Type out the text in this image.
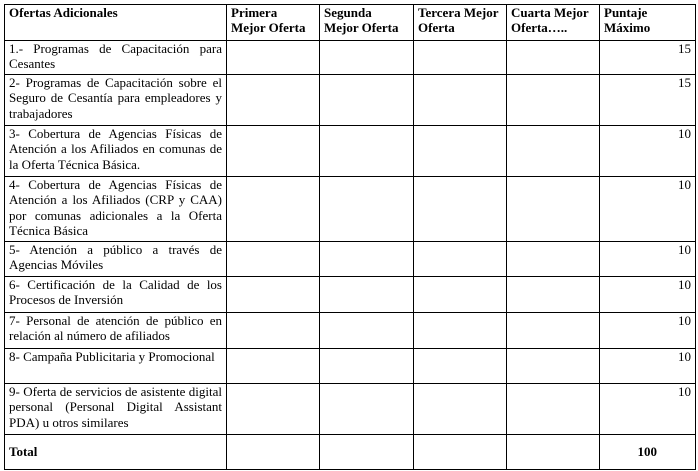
Ofertas Adicionales	Primera Mejor Oferta	Segunda Mejor Oferta	Tercera Mejor Oferta	Cuarta Mejor Oferta…..	Puntaje Máximo
1.- Programas de Capacitación para Cesantes					15
2- Programas de Capacitación sobre el Seguro de Cesantía para empleadores y trabajadores					15
3- Cobertura de Agencias Físicas de Atención a los Afiliados en comunas de la Oferta Técnica Básica.					10
4- Cobertura de Agencias Físicas de Atención a los Afiliados (CRP y CAA) por comunas adicionales a la Oferta Técnica Básica					10
5- Atención a público a través de Agencias Móviles					10
6- Certificación de la Calidad de los Procesos de Inversión					10
7- Personal de atención de público en relación al número de afiliados					10
8- Campaña Publicitaria y Promocional					10
9- Oferta de servicios de asistente digital personal (Personal Digital Assistant PDA) u otros similares					10
Total					100
